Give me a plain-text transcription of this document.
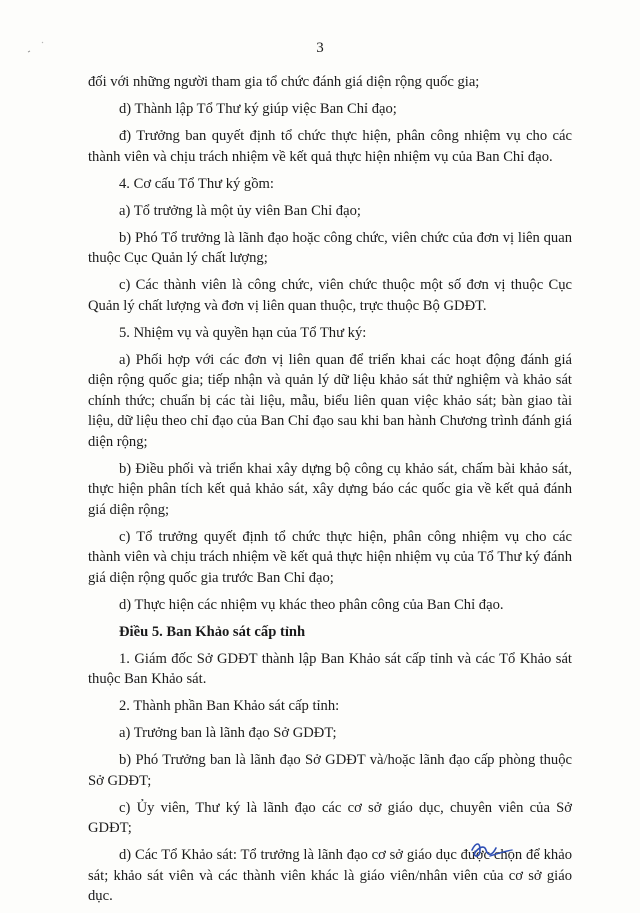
3

đối với những người tham gia tổ chức đánh giá diện rộng quốc gia;

d) Thành lập Tổ Thư ký giúp việc Ban Chỉ đạo;

đ) Trưởng ban quyết định tổ chức thực hiện, phân công nhiệm vụ cho các thành viên và chịu trách nhiệm về kết quả thực hiện nhiệm vụ của Ban Chỉ đạo.

4. Cơ cấu Tổ Thư ký gồm:

a) Tổ trưởng là một ủy viên Ban Chỉ đạo;

b) Phó Tổ trưởng là lãnh đạo hoặc công chức, viên chức của đơn vị liên quan thuộc Cục Quản lý chất lượng;

c) Các thành viên là công chức, viên chức thuộc một số đơn vị thuộc Cục Quản lý chất lượng và đơn vị liên quan thuộc, trực thuộc Bộ GDĐT.

5. Nhiệm vụ và quyền hạn của Tổ Thư ký:

a) Phối hợp với các đơn vị liên quan để triển khai các hoạt động đánh giá diện rộng quốc gia; tiếp nhận và quản lý dữ liệu khảo sát thử nghiệm và khảo sát chính thức; chuẩn bị các tài liệu, mẫu, biểu liên quan việc khảo sát; bàn giao tài liệu, dữ liệu theo chỉ đạo của Ban Chỉ đạo sau khi ban hành Chương trình đánh giá diện rộng;

b) Điều phối và triển khai xây dựng bộ công cụ khảo sát, chấm bài khảo sát, thực hiện phân tích kết quả khảo sát, xây dựng báo các quốc gia về kết quả đánh giá diện rộng;

c) Tổ trưởng quyết định tổ chức thực hiện, phân công nhiệm vụ cho các thành viên và chịu trách nhiệm về kết quả thực hiện nhiệm vụ của Tổ Thư ký đánh giá diện rộng quốc gia trước Ban Chỉ đạo;

d) Thực hiện các nhiệm vụ khác theo phân công của Ban Chỉ đạo.

Điều 5. Ban Khảo sát cấp tỉnh

1. Giám đốc Sở GDĐT thành lập Ban Khảo sát cấp tỉnh và các Tổ Khảo sát thuộc Ban Khảo sát.

2. Thành phần Ban Khảo sát cấp tỉnh:

a) Trưởng ban là lãnh đạo Sở GDĐT;

b) Phó Trưởng ban là lãnh đạo Sở GDĐT và/hoặc lãnh đạo cấp phòng thuộc Sở GDĐT;

c) Ủy viên, Thư ký là lãnh đạo các cơ sở giáo dục, chuyên viên của Sở GDĐT;

d) Các Tổ Khảo sát: Tổ trưởng là lãnh đạo cơ sở giáo dục được chọn để khảo sát; khảo sát viên và các thành viên khác là giáo viên/nhân viên của cơ sở giáo dục.
